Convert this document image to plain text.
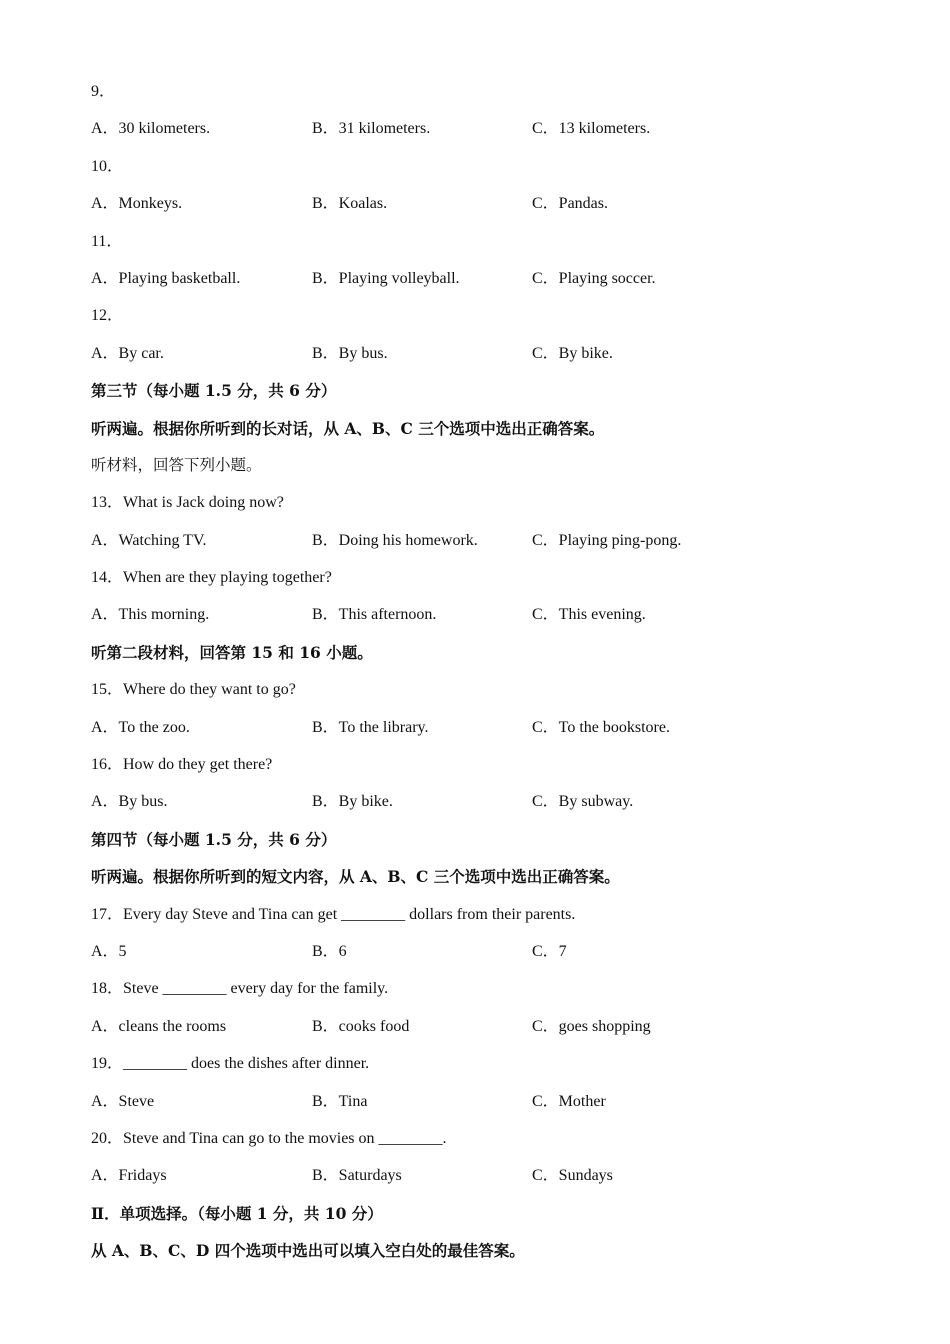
9．
A．30 kilometers.	B．31 kilometers.	C．13 kilometers.
10．
A．Monkeys.	B．Koalas.	C．Pandas.
11．
A．Playing basketball.	B．Playing volleyball.	C．Playing soccer.
12．
A．By car.	B．By bus.	C．By bike.
第三节（每小题 1.5 分，共 6 分）
听两遍。根据你所听到的长对话，从 A、B、C 三个选项中选出正确答案。
听材料，回答下列小题。
13．What is Jack doing now?
A．Watching TV.	B．Doing his homework.	C．Playing ping-pong.
14．When are they playing together?
A．This morning.	B．This afternoon.	C．This evening.
听第二段材料，回答第 15 和 16 小题。
15．Where do they want to go?
A．To the zoo.	B．To the library.	C．To the bookstore.
16．How do they get there?
A．By bus.	B．By bike.	C．By subway.
第四节（每小题 1.5 分，共 6 分）
听两遍。根据你所听到的短文内容，从 A、B、C 三个选项中选出正确答案。
17．Every day Steve and Tina can get ________ dollars from their parents.
A．5	B．6	C．7
18．Steve ________ every day for the family.
A．cleans the rooms	B．cooks food	C．goes shopping
19．________ does the dishes after dinner.
A．Steve	B．Tina	C．Mother
20．Steve and Tina can go to the movies on ________.
A．Fridays	B．Saturdays	C．Sundays
Ⅱ．单项选择。（每小题 1 分，共 10 分）
从 A、B、C、D 四个选项中选出可以填入空白处的最佳答案。
